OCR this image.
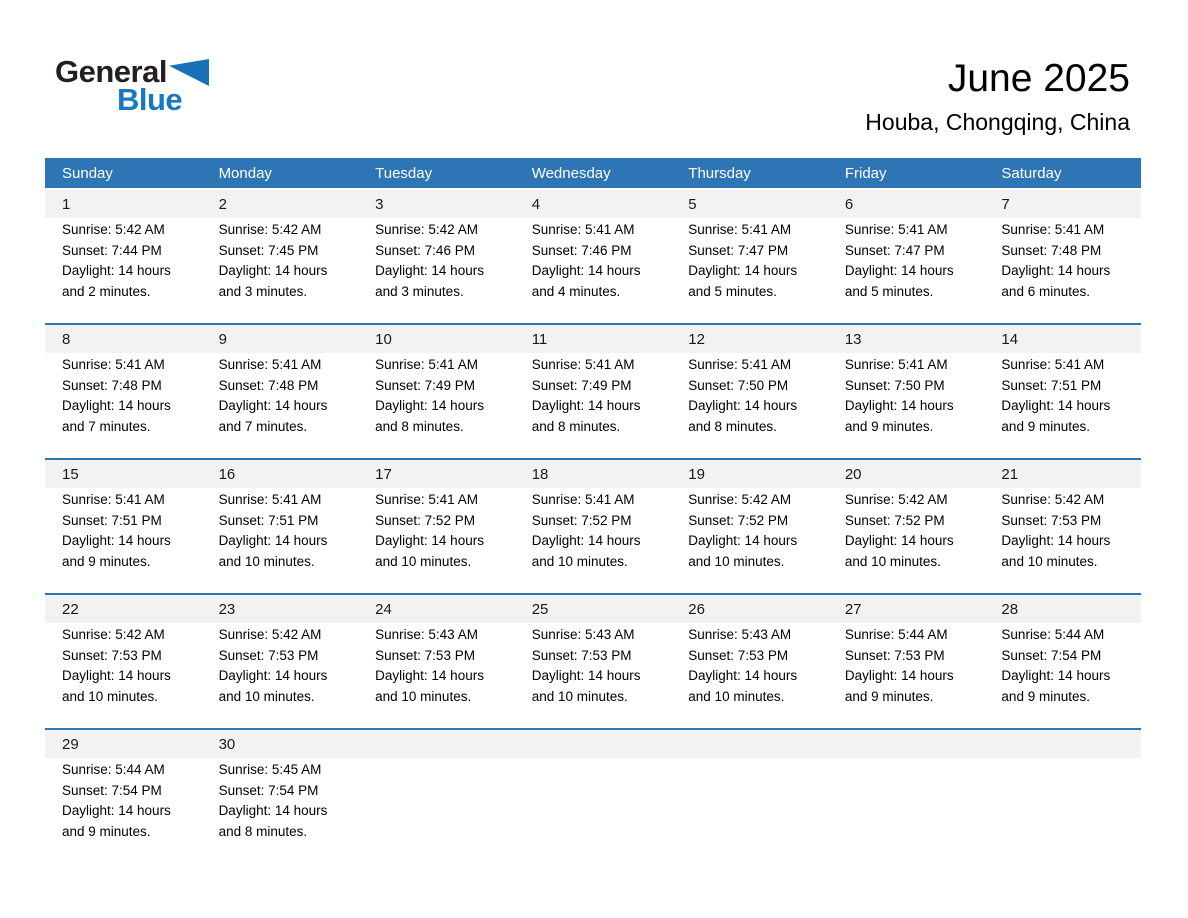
General
Blue	June 2025
Houba, Chongqing, China
Sunday	Monday	Tuesday	Wednesday	Thursday	Friday	Saturday
1	2	3	4	5	6	7
Sunrise: 5:42 AM
Sunset: 7:44 PM
Daylight: 14 hours
and 2 minutes.
Sunrise: 5:42 AM
Sunset: 7:45 PM
Daylight: 14 hours
and 3 minutes.
Sunrise: 5:42 AM
Sunset: 7:46 PM
Daylight: 14 hours
and 3 minutes.
Sunrise: 5:41 AM
Sunset: 7:46 PM
Daylight: 14 hours
and 4 minutes.
Sunrise: 5:41 AM
Sunset: 7:47 PM
Daylight: 14 hours
and 5 minutes.
Sunrise: 5:41 AM
Sunset: 7:47 PM
Daylight: 14 hours
and 5 minutes.
Sunrise: 5:41 AM
Sunset: 7:48 PM
Daylight: 14 hours
and 6 minutes.
8	9	10	11	12	13	14
Sunrise: 5:41 AM
Sunset: 7:48 PM
Daylight: 14 hours
and 7 minutes.
Sunrise: 5:41 AM
Sunset: 7:48 PM
Daylight: 14 hours
and 7 minutes.
Sunrise: 5:41 AM
Sunset: 7:49 PM
Daylight: 14 hours
and 8 minutes.
Sunrise: 5:41 AM
Sunset: 7:49 PM
Daylight: 14 hours
and 8 minutes.
Sunrise: 5:41 AM
Sunset: 7:50 PM
Daylight: 14 hours
and 8 minutes.
Sunrise: 5:41 AM
Sunset: 7:50 PM
Daylight: 14 hours
and 9 minutes.
Sunrise: 5:41 AM
Sunset: 7:51 PM
Daylight: 14 hours
and 9 minutes.
15	16	17	18	19	20	21
Sunrise: 5:41 AM
Sunset: 7:51 PM
Daylight: 14 hours
and 9 minutes.
Sunrise: 5:41 AM
Sunset: 7:51 PM
Daylight: 14 hours
and 10 minutes.
Sunrise: 5:41 AM
Sunset: 7:52 PM
Daylight: 14 hours
and 10 minutes.
Sunrise: 5:41 AM
Sunset: 7:52 PM
Daylight: 14 hours
and 10 minutes.
Sunrise: 5:42 AM
Sunset: 7:52 PM
Daylight: 14 hours
and 10 minutes.
Sunrise: 5:42 AM
Sunset: 7:52 PM
Daylight: 14 hours
and 10 minutes.
Sunrise: 5:42 AM
Sunset: 7:53 PM
Daylight: 14 hours
and 10 minutes.
22	23	24	25	26	27	28
Sunrise: 5:42 AM
Sunset: 7:53 PM
Daylight: 14 hours
and 10 minutes.
Sunrise: 5:42 AM
Sunset: 7:53 PM
Daylight: 14 hours
and 10 minutes.
Sunrise: 5:43 AM
Sunset: 7:53 PM
Daylight: 14 hours
and 10 minutes.
Sunrise: 5:43 AM
Sunset: 7:53 PM
Daylight: 14 hours
and 10 minutes.
Sunrise: 5:43 AM
Sunset: 7:53 PM
Daylight: 14 hours
and 10 minutes.
Sunrise: 5:44 AM
Sunset: 7:53 PM
Daylight: 14 hours
and 9 minutes.
Sunrise: 5:44 AM
Sunset: 7:54 PM
Daylight: 14 hours
and 9 minutes.
29	30
Sunrise: 5:44 AM
Sunset: 7:54 PM
Daylight: 14 hours
and 9 minutes.
Sunrise: 5:45 AM
Sunset: 7:54 PM
Daylight: 14 hours
and 8 minutes.
